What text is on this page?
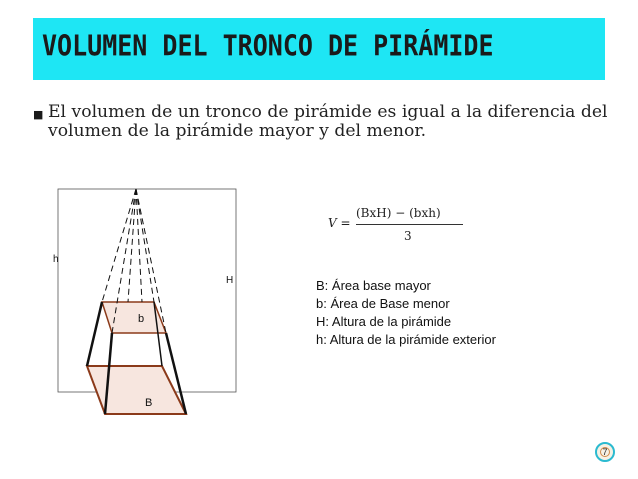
VOLUMEN DEL TRONCO DE PIRÁMIDE
■ El volumen de un tronco de pirámide es igual a la diferencia del volumen de la pirámide mayor y del menor.
h
H
b
B
V =
(BxH) − (bxh)
3
B: Área base mayor
b: Área de Base menor
H: Altura de la pirámide
h: Altura de la pirámide exterior
7
